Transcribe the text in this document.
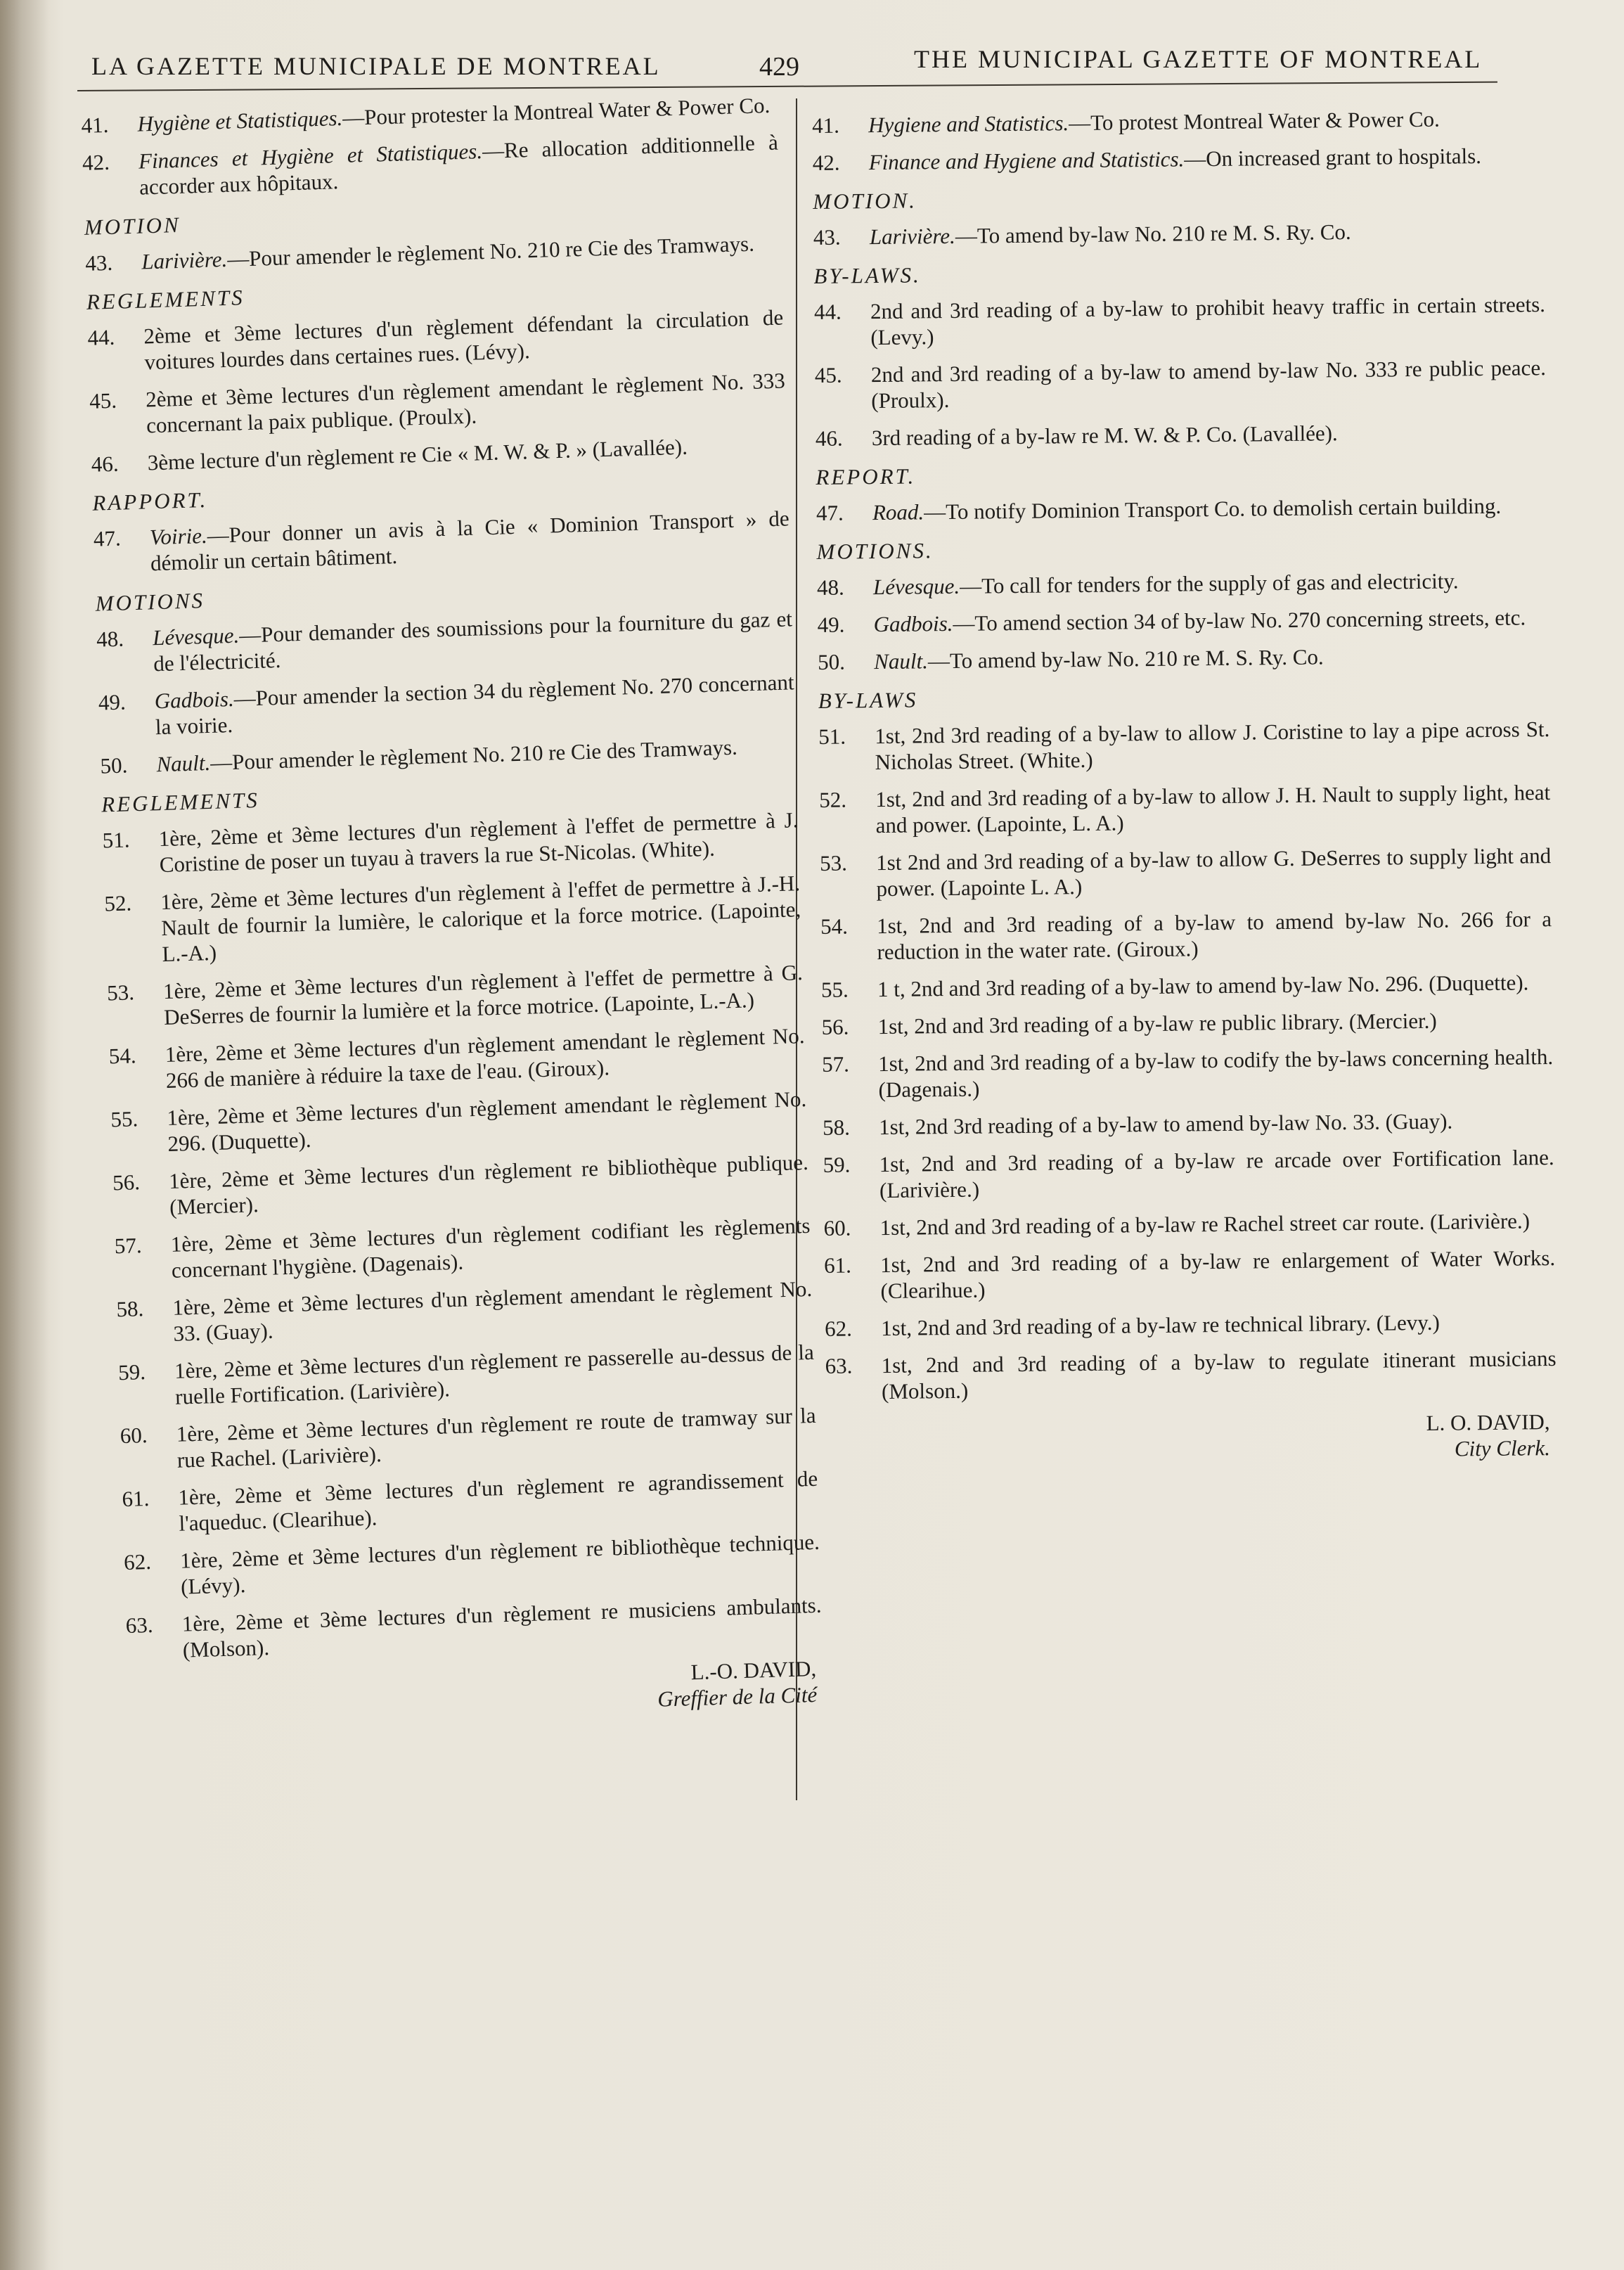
LA GAZETTE MUNICIPALE DE MONTREAL	429	THE MUNICIPAL GAZETTE OF MONTREAL
41.	Hygiène et Statistiques.—Pour protester la Montreal Water & Power Co.
42.	Finances et Hygiène et Statistiques.—Re allocation additionnelle à accorder aux hôpitaux.
MOTION
43.	Larivière.—Pour amender le règlement No. 210 re Cie des Tramways.
REGLEMENTS
44.	2ème et 3ème lectures d'un règlement défendant la circulation de voitures lourdes dans certaines rues. (Lévy).
45.	2ème et 3ème lectures d'un règlement amendant le règlement No. 333 concernant la paix publique. (Proulx).
46.	3ème lecture d'un règlement re Cie « M. W. & P. » (Lavallée).
RAPPORT.
47.	Voirie.—Pour donner un avis à la Cie « Dominion Transport » de démolir un certain bâtiment.
MOTIONS
48.	Lévesque.—Pour demander des soumissions pour la fourniture du gaz et de l'électricité.
49.	Gadbois.—Pour amender la section 34 du règlement No. 270 concernant la voirie.
50.	Nault.—Pour amender le règlement No. 210 re Cie des Tramways.
REGLEMENTS
51.	1ère, 2ème et 3ème lectures d'un règlement à l'effet de permettre à J. Coristine de poser un tuyau à travers la rue St-Nicolas. (White).
52.	1ère, 2ème et 3ème lectures d'un règlement à l'effet de permettre à J.-H. Nault de fournir la lumière, le calorique et la force motrice. (Lapointe, L.-A.)
53.	1ère, 2ème et 3ème lectures d'un règlement à l'effet de permettre à G. DeSerres de fournir la lumière et la force motrice. (Lapointe, L.-A.)
54.	1ère, 2ème et 3ème lectures d'un règlement amendant le règlement No. 266 de manière à réduire la taxe de l'eau. (Giroux).
55.	1ère, 2ème et 3ème lectures d'un règlement amendant le règlement No. 296. (Duquette).
56.	1ère, 2ème et 3ème lectures d'un règlement re bibliothèque publique. (Mercier).
57.	1ère, 2ème et 3ème lectures d'un règlement codifiant les règlements concernant l'hygiène. (Dagenais).
58.	1ère, 2ème et 3ème lectures d'un règlement amendant le règlement No. 33. (Guay).
59.	1ère, 2ème et 3ème lectures d'un règlement re passerelle au-dessus de la ruelle Fortification. (Larivière).
60.	1ère, 2ème et 3ème lectures d'un règlement re route de tramway sur la rue Rachel. (Larivière).
61.	1ère, 2ème et 3ème lectures d'un règlement re agrandissement de l'aqueduc. (Clearihue).
62.	1ère, 2ème et 3ème lectures d'un règlement re bibliothèque technique. (Lévy).
63.	1ère, 2ème et 3ème lectures d'un règlement re musiciens ambulants. (Molson).
L.-O. DAVID,
Greffier de la Cité
41.	Hygiene and Statistics.—To protest Montreal Water & Power Co.
42.	Finance and Hygiene and Statistics.—On increased grant to hospitals.
MOTION.
43.	Larivière.—To amend by-law No. 210 re M. S. Ry. Co.
BY-LAWS.
44.	2nd and 3rd reading of a by-law to prohibit heavy traffic in certain streets. (Levy.)
45.	2nd and 3rd reading of a by-law to amend by-law No. 333 re public peace. (Proulx).
46.	3rd reading of a by-law re M. W. & P. Co. (Lavallée).
REPORT.
47.	Road.—To notify Dominion Transport Co. to demolish certain building.
MOTIONS.
48.	Lévesque.—To call for tenders for the supply of gas and electricity.
49.	Gadbois.—To amend section 34 of by-law No. 270 concerning streets, etc.
50.	Nault.—To amend by-law No. 210 re M. S. Ry. Co.
BY-LAWS
51.	1st, 2nd 3rd reading of a by-law to allow J. Coristine to lay a pipe across St. Nicholas Street. (White.)
52.	1st, 2nd and 3rd reading of a by-law to allow J. H. Nault to supply light, heat and power. (Lapointe, L. A.)
53.	1st 2nd and 3rd reading of a by-law to allow G. DeSerres to supply light and power. (Lapointe L. A.)
54.	1st, 2nd and 3rd reading of a by-law to amend by-law No. 266 for a reduction in the water rate. (Giroux.)
55.	1 t, 2nd and 3rd reading of a by-law to amend by-law No. 296. (Duquette).
56.	1st, 2nd and 3rd reading of a by-law re public library. (Mercier.)
57.	1st, 2nd and 3rd reading of a by-law to codify the by-laws concerning health. (Dagenais.)
58.	1st, 2nd 3rd reading of a by-law to amend by-law No. 33. (Guay).
59.	1st, 2nd and 3rd reading of a by-law re arcade over Fortification lane. (Larivière.)
60.	1st, 2nd and 3rd reading of a by-law re Rachel street car route. (Larivière.)
61.	1st, 2nd and 3rd reading of a by-law re enlargement of Water Works. (Clearihue.)
62.	1st, 2nd and 3rd reading of a by-law re technical library. (Levy.)
63.	1st, 2nd and 3rd reading of a by-law to regulate itinerant musicians (Molson.)
L. O. DAVID,
City Clerk.
